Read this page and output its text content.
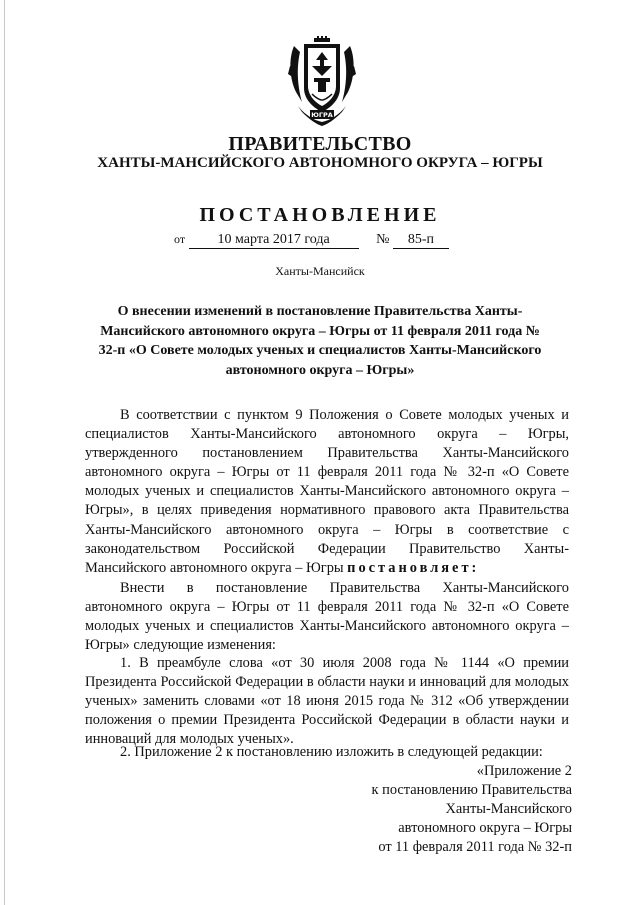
ЮГРА
ПРАВИТЕЛЬСТВО
ХАНТЫ-МАНСИЙСКОГО АВТОНОМНОГО ОКРУГА – ЮГРЫ
ПОСТАНОВЛЕНИЕ
от 10 марта 2017 года	№ 85-п
Ханты-Мансийск
О внесении изменений в постановление Правительства Ханты-Мансийского автономного округа – Югры от 11 февраля 2011 года № 32-п «О Совете молодых ученых и специалистов Ханты-Мансийского автономного округа – Югры»
В соответствии с пунктом 9 Положения о Совете молодых ученых и специалистов Ханты-Мансийского автономного округа – Югры, утвержденного постановлением Правительства Ханты-Мансийского автономного округа – Югры от 11 февраля 2011 года № 32-п «О Совете молодых ученых и специалистов Ханты-Мансийского автономного округа – Югры», в целях приведения нормативного правового акта Правительства Ханты-Мансийского автономного округа – Югры в соответствие с законодательством Российской Федерации Правительство Ханты-Мансийского автономного округа – Югры постановляет:
Внести в постановление Правительства Ханты-Мансийского автономного округа – Югры от 11 февраля 2011 года № 32-п «О Совете молодых ученых и специалистов Ханты-Мансийского автономного округа – Югры» следующие изменения:
1. В преамбуле слова «от 30 июля 2008 года № 1144 «О премии Президента Российской Федерации в области науки и инноваций для молодых ученых» заменить словами «от 18 июня 2015 года № 312 «Об утверждении положения о премии Президента Российской Федерации в области науки и инноваций для молодых ученых».
2. Приложение 2 к постановлению изложить в следующей редакции:
«Приложение 2
к постановлению Правительства
Ханты-Мансийского
автономного округа – Югры
от 11 февраля 2011 года № 32-п
